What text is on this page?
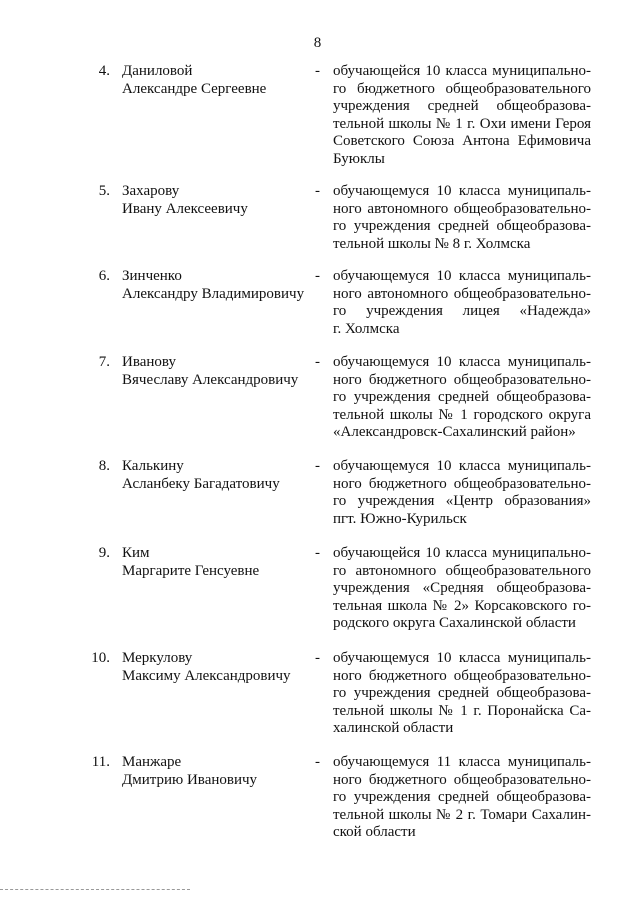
8
4. Даниловой
Александре Сергеевне
- обучающейся 10 класса муниципально-
го бюджетного общеобразовательного
учреждения средней общеобразова-
тельной школы № 1 г. Охи имени Героя
Советского Союза Антона Ефимовича
Буюклы
5. Захарову
Ивану Алексеевичу
- обучающемуся 10 класса муниципаль-
ного автономного общеобразовательно-
го учреждения средней общеобразова-
тельной школы № 8 г. Холмска
6. Зинченко
Александру Владимировичу
- обучающемуся 10 класса муниципаль-
ного автономного общеобразовательно-
го учреждения лицея «Надежда»
г. Холмска
7. Иванову
Вячеславу Александровичу
- обучающемуся 10 класса муниципаль-
ного бюджетного общеобразовательно-
го учреждения средней общеобразова-
тельной школы № 1 городского округа
«Александровск-Сахалинский район»
8. Калькину
Асланбеку Багадатовичу
- обучающемуся 10 класса муниципаль-
ного бюджетного общеобразовательно-
го учреждения «Центр образования»
пгт. Южно-Курильск
9. Ким
Маргарите Генсуевне
- обучающейся 10 класса муниципально-
го автономного общеобразовательного
учреждения «Средняя общеобразова-
тельная школа № 2» Корсаковского го-
родского округа Сахалинской области
10. Меркулову
Максиму Александровичу
- обучающемуся 10 класса муниципаль-
ного бюджетного общеобразовательно-
го учреждения средней общеобразова-
тельной школы № 1 г. Поронайска Са-
халинской области
11. Манжаре
Дмитрию Ивановичу
- обучающемуся 11 класса муниципаль-
ного бюджетного общеобразовательно-
го учреждения средней общеобразова-
тельной школы № 2 г. Томари Сахалин-
ской области
